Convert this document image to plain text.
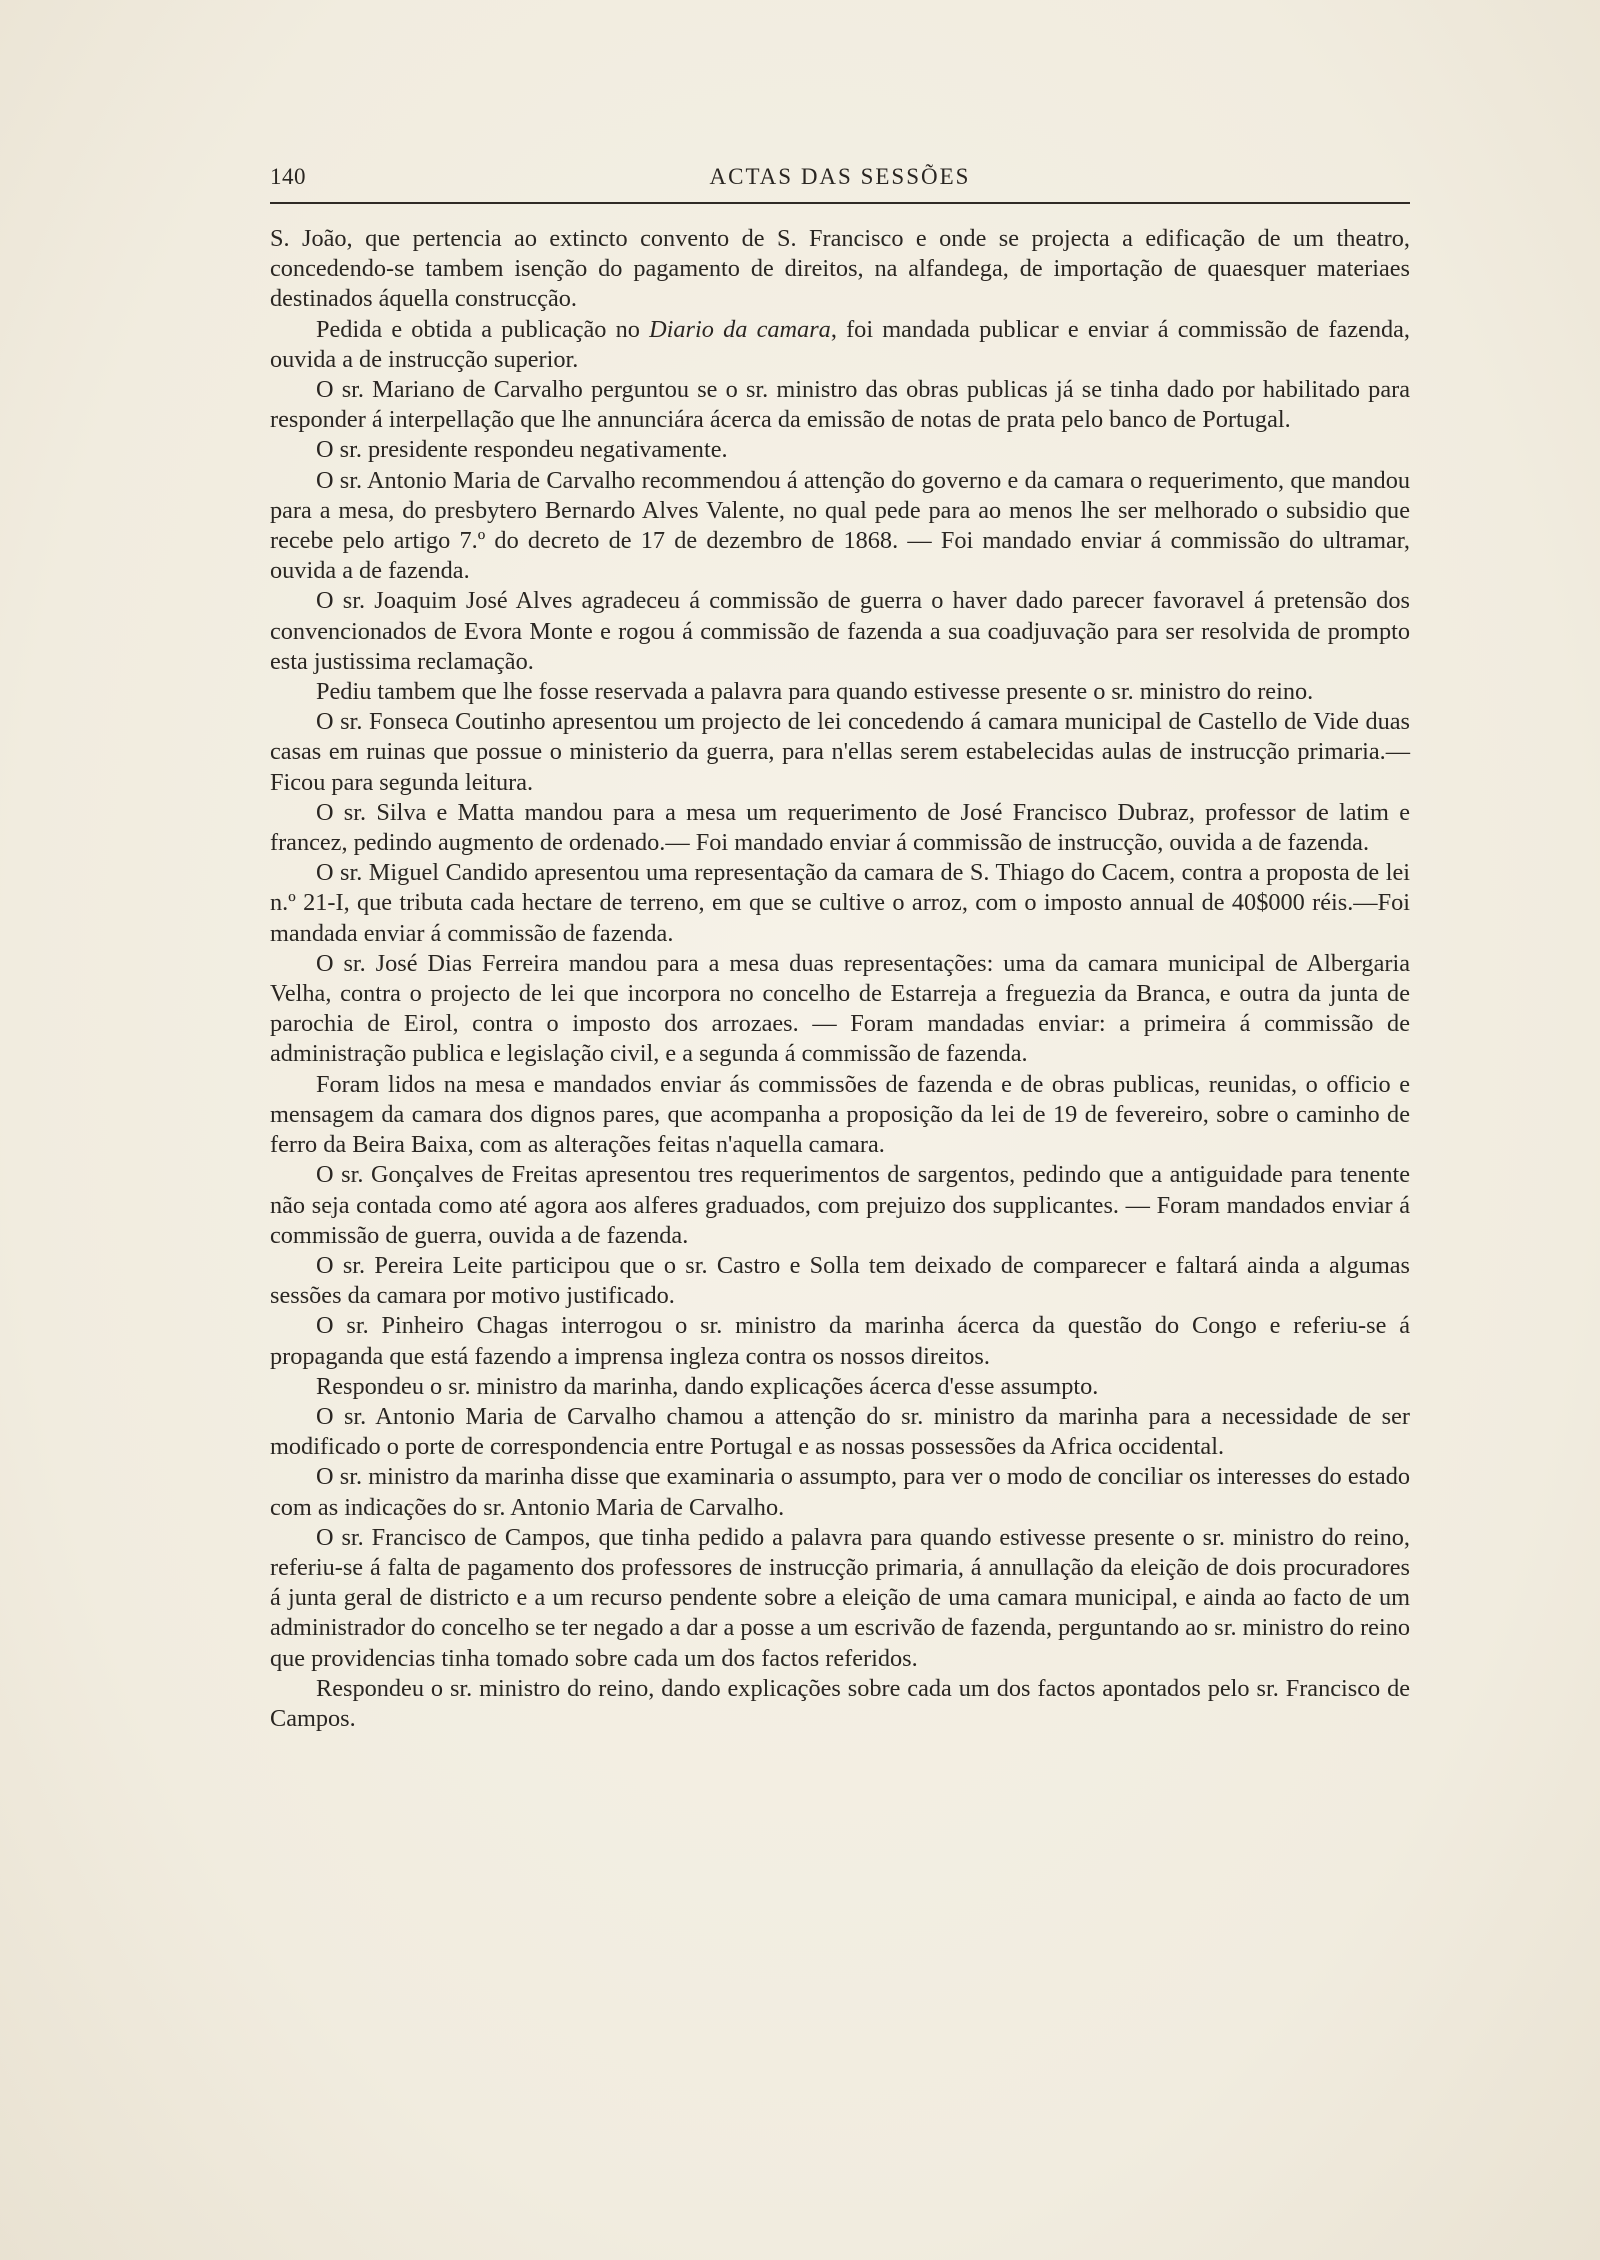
140	ACTAS DAS SESSÕES

S. João, que pertencia ao extincto convento de S. Francisco e onde se projecta a edificação de um theatro, concedendo-se tambem isenção do pagamento de direitos, na alfandega, de importação de quaesquer materiaes destinados áquella construcção.

Pedida e obtida a publicação no Diario da camara, foi mandada publicar e enviar á commissão de fazenda, ouvida a de instrucção superior.

O sr. Mariano de Carvalho perguntou se o sr. ministro das obras publicas já se tinha dado por habilitado para responder á interpellação que lhe annunciára ácerca da emissão de notas de prata pelo banco de Portugal.

O sr. presidente respondeu negativamente.

O sr. Antonio Maria de Carvalho recommendou á attenção do governo e da camara o requerimento, que mandou para a mesa, do presbytero Bernardo Alves Valente, no qual pede para ao menos lhe ser melhorado o subsidio que recebe pelo artigo 7.º do decreto de 17 de dezembro de 1868. — Foi mandado enviar á commissão do ultramar, ouvida a de fazenda.

O sr. Joaquim José Alves agradeceu á commissão de guerra o haver dado parecer favoravel á pretensão dos convencionados de Evora Monte e rogou á commissão de fazenda a sua coadjuvação para ser resolvida de prompto esta justissima reclamação.

Pediu tambem que lhe fosse reservada a palavra para quando estivesse presente o sr. ministro do reino.

O sr. Fonseca Coutinho apresentou um projecto de lei concedendo á camara municipal de Castello de Vide duas casas em ruinas que possue o ministerio da guerra, para n'ellas serem estabelecidas aulas de instrucção primaria.— Ficou para segunda leitura.

O sr. Silva e Matta mandou para a mesa um requerimento de José Francisco Dubraz, professor de latim e francez, pedindo augmento de ordenado.— Foi mandado enviar á commissão de instrucção, ouvida a de fazenda.

O sr. Miguel Candido apresentou uma representação da camara de S. Thiago do Cacem, contra a proposta de lei n.º 21-I, que tributa cada hectare de terreno, em que se cultive o arroz, com o imposto annual de 40$000 réis.—Foi mandada enviar á commissão de fazenda.

O sr. José Dias Ferreira mandou para a mesa duas representações: uma da camara municipal de Albergaria Velha, contra o projecto de lei que incorpora no concelho de Estarreja a freguezia da Branca, e outra da junta de parochia de Eirol, contra o imposto dos arrozaes. — Foram mandadas enviar: a primeira á commissão de administração publica e legislação civil, e a segunda á commissão de fazenda.

Foram lidos na mesa e mandados enviar ás commissões de fazenda e de obras publicas, reunidas, o officio e mensagem da camara dos dignos pares, que acompanha a proposição da lei de 19 de fevereiro, sobre o caminho de ferro da Beira Baixa, com as alterações feitas n'aquella camara.

O sr. Gonçalves de Freitas apresentou tres requerimentos de sargentos, pedindo que a antiguidade para tenente não seja contada como até agora aos alferes graduados, com prejuizo dos supplicantes. — Foram mandados enviar á commissão de guerra, ouvida a de fazenda.

O sr. Pereira Leite participou que o sr. Castro e Solla tem deixado de comparecer e faltará ainda a algumas sessões da camara por motivo justificado.

O sr. Pinheiro Chagas interrogou o sr. ministro da marinha ácerca da questão do Congo e referiu-se á propaganda que está fazendo a imprensa ingleza contra os nossos direitos.

Respondeu o sr. ministro da marinha, dando explicações ácerca d'esse assumpto.

O sr. Antonio Maria de Carvalho chamou a attenção do sr. ministro da marinha para a necessidade de ser modificado o porte de correspondencia entre Portugal e as nossas possessões da Africa occidental.

O sr. ministro da marinha disse que examinaria o assumpto, para ver o modo de conciliar os interesses do estado com as indicações do sr. Antonio Maria de Carvalho.

O sr. Francisco de Campos, que tinha pedido a palavra para quando estivesse presente o sr. ministro do reino, referiu-se á falta de pagamento dos professores de instrucção primaria, á annullação da eleição de dois procuradores á junta geral de districto e a um recurso pendente sobre a eleição de uma camara municipal, e ainda ao facto de um administrador do concelho se ter negado a dar a posse a um escrivão de fazenda, perguntando ao sr. ministro do reino que providencias tinha tomado sobre cada um dos factos referidos.

Respondeu o sr. ministro do reino, dando explicações sobre cada um dos factos apontados pelo sr. Francisco de Campos.
